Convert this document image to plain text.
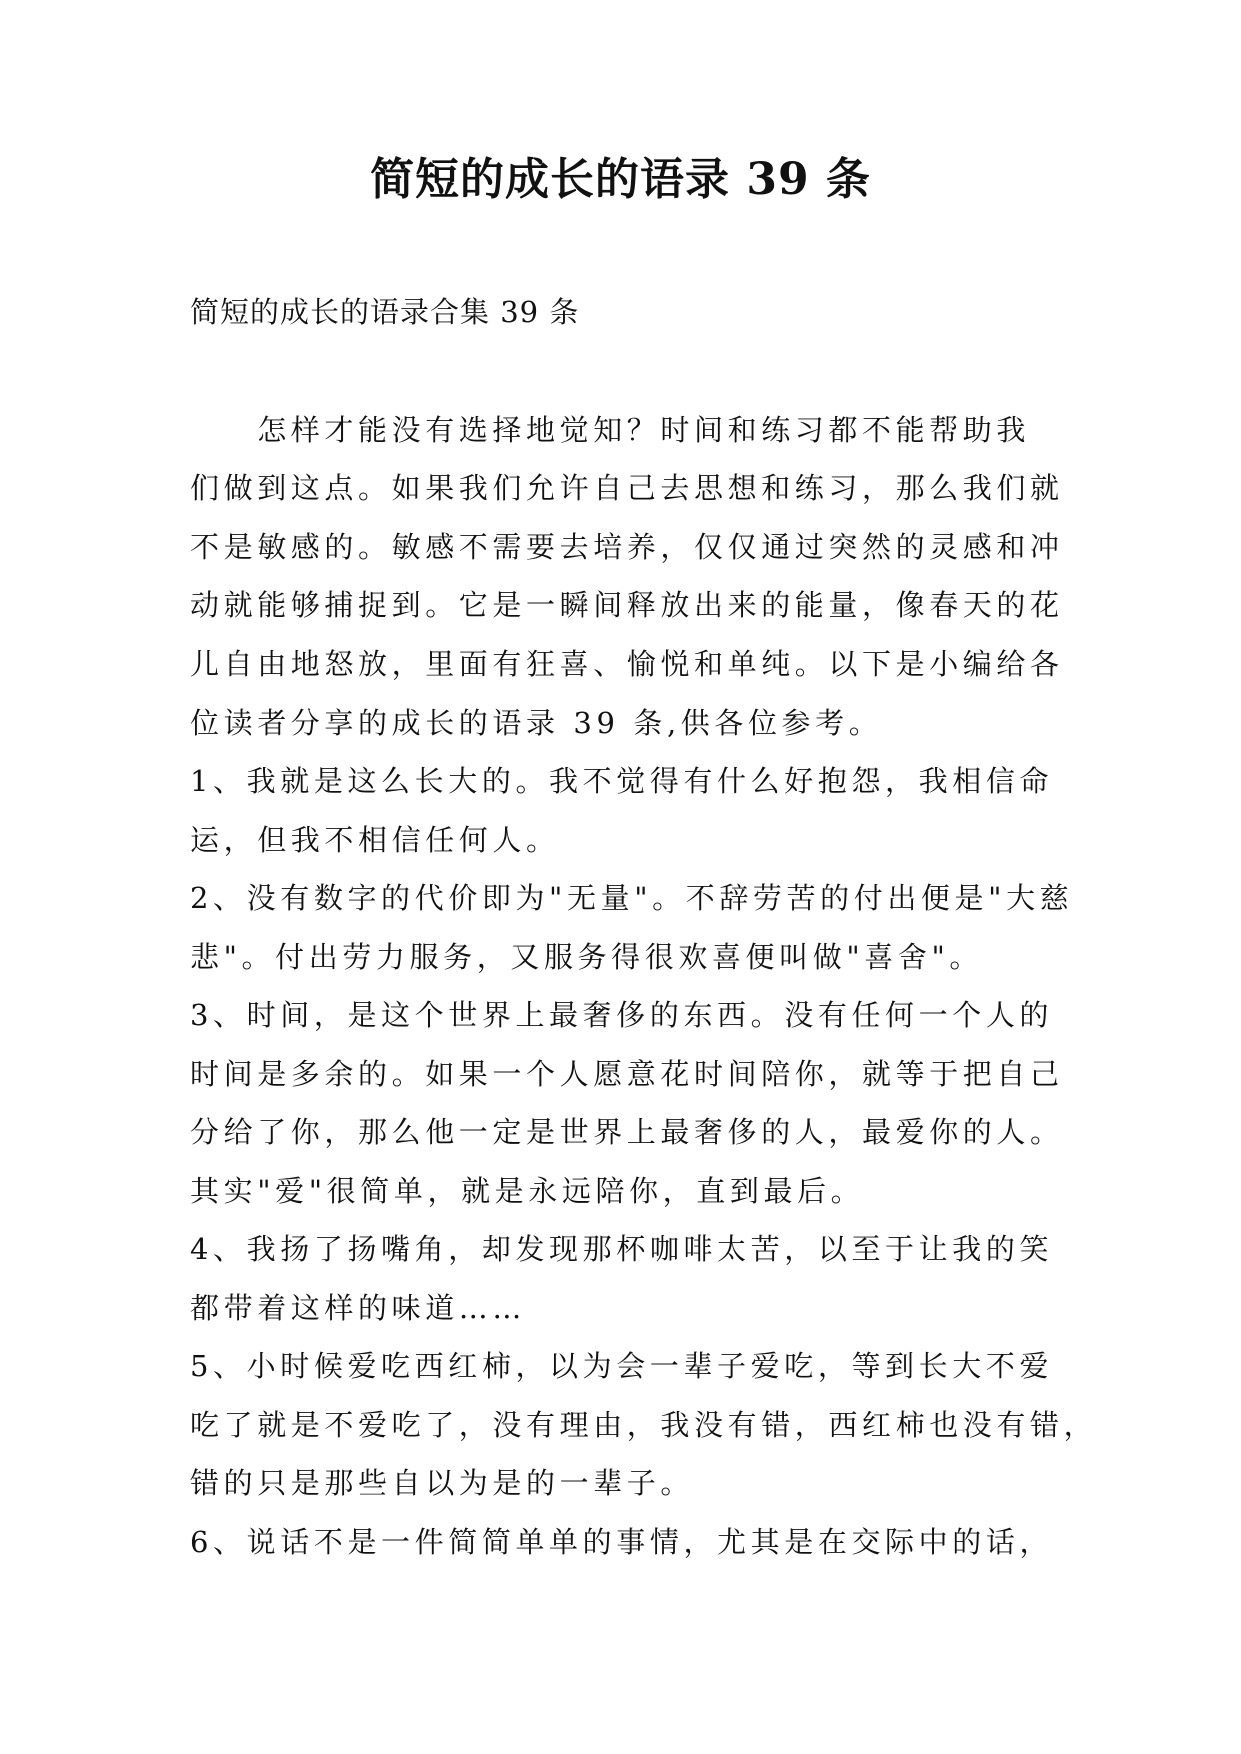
简短的成长的语录 39 条
简短的成长的语录合集 39 条
　　怎样才能没有选择地觉知？时间和练习都不能帮助我
们做到这点。如果我们允许自己去思想和练习，那么我们就
不是敏感的。敏感不需要去培养，仅仅通过突然的灵感和冲
动就能够捕捉到。它是一瞬间释放出来的能量，像春天的花
儿自由地怒放，里面有狂喜、愉悦和单纯。以下是小编给各
位读者分享的成长的语录 39 条,供各位参考。
1、我就是这么长大的。我不觉得有什么好抱怨，我相信命
运，但我不相信任何人。
2、没有数字的代价即为"无量"。不辞劳苦的付出便是"大慈
悲"。付出劳力服务，又服务得很欢喜便叫做"喜舍"。
3、时间，是这个世界上最奢侈的东西。没有任何一个人的
时间是多余的。如果一个人愿意花时间陪你，就等于把自己
分给了你，那么他一定是世界上最奢侈的人，最爱你的人。
其实"爱"很简单，就是永远陪你，直到最后。
4、我扬了扬嘴角，却发现那杯咖啡太苦，以至于让我的笑
都带着这样的味道……
5、小时候爱吃西红柿，以为会一辈子爱吃，等到长大不爱
吃了就是不爱吃了，没有理由，我没有错，西红柿也没有错，
错的只是那些自以为是的一辈子。
6、说话不是一件简简单单的事情，尤其是在交际中的话，
